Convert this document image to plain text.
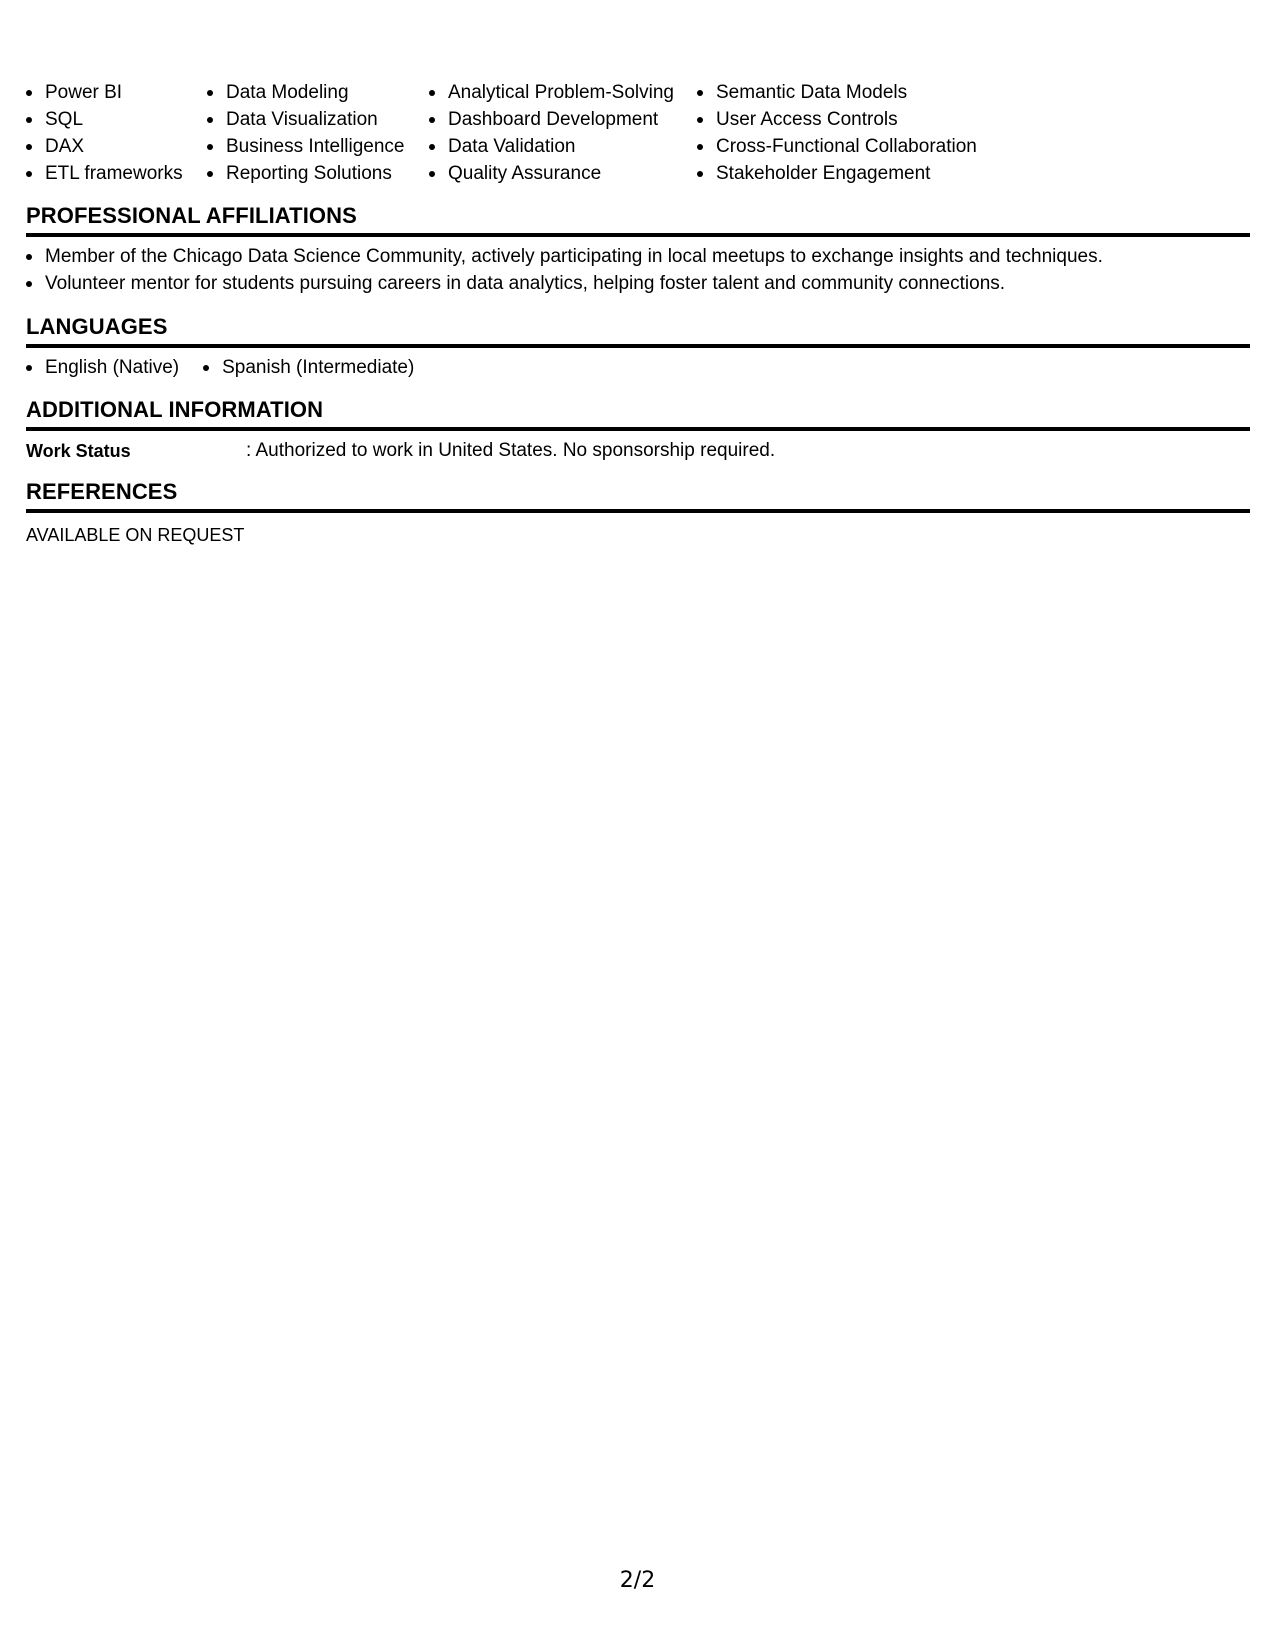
Power BI
SQL
DAX
ETL frameworks
Data Modeling
Data Visualization
Business Intelligence
Reporting Solutions
Analytical Problem-Solving
Dashboard Development
Data Validation
Quality Assurance
Semantic Data Models
User Access Controls
Cross-Functional Collaboration
Stakeholder Engagement
PROFESSIONAL AFFILIATIONS
Member of the Chicago Data Science Community, actively participating in local meetups to exchange insights and techniques.
Volunteer mentor for students pursuing careers in data analytics, helping foster talent and community connections.
LANGUAGES
English (Native)	Spanish (Intermediate)
ADDITIONAL INFORMATION
Work Status	: Authorized to work in United States. No sponsorship required.
REFERENCES
AVAILABLE ON REQUEST
2/2
